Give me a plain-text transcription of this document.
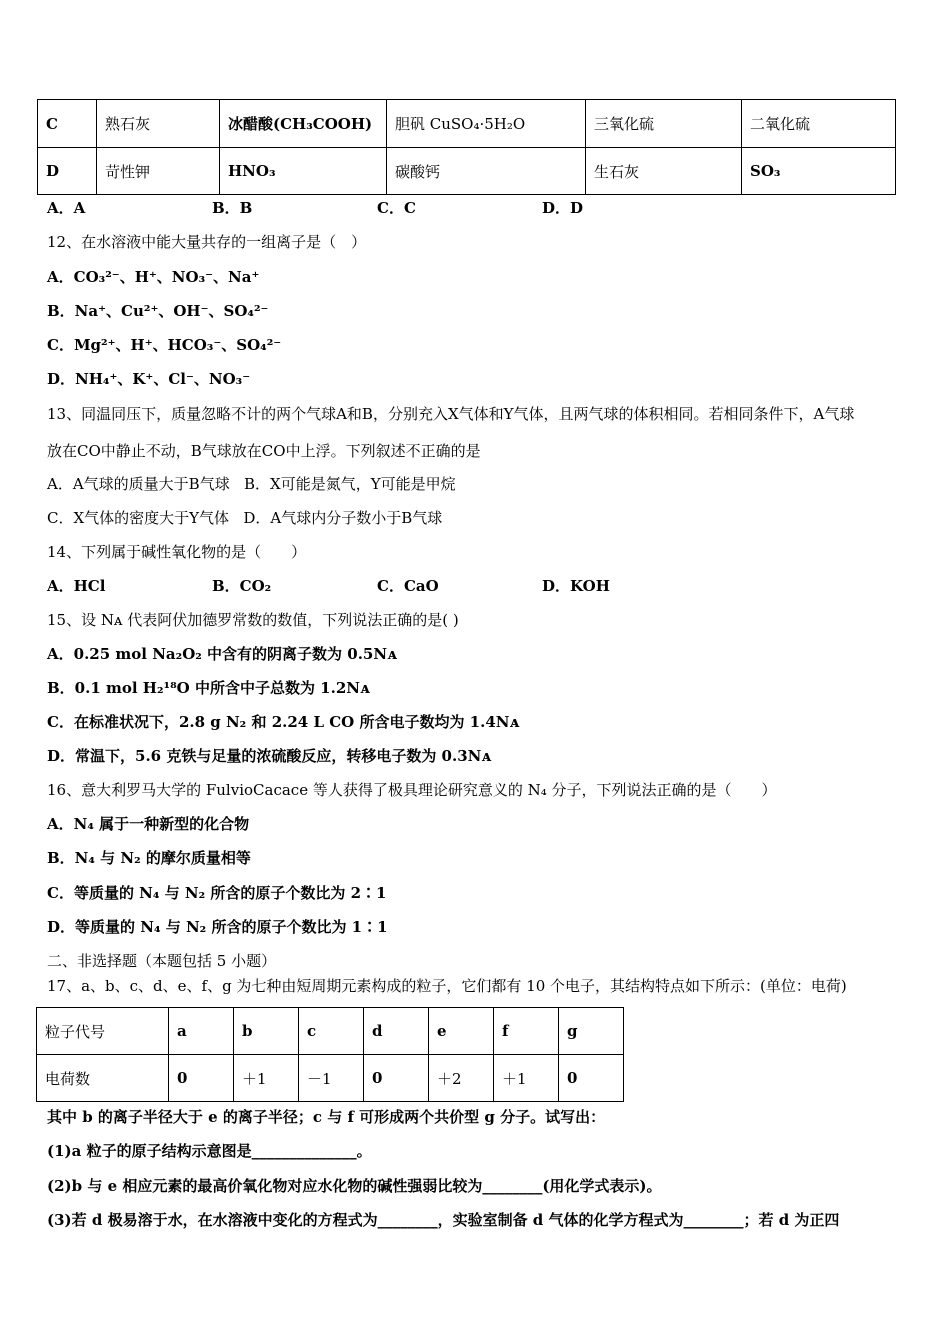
C	熟石灰	冰醋酸(CH₃COOH)	胆矾 CuSO₄·5H₂O	三氧化硫	二氧化硫
D	苛性钾	HNO₃	碳酸钙	生石灰	SO₃
A．A	B．B	C．C	D．D
12、在水溶液中能大量共存的一组离子是（　）
A．CO₃²⁻、H⁺、NO₃⁻、Na⁺
B．Na⁺、Cu²⁺、OH⁻、SO₄²⁻
C．Mg²⁺、H⁺、HCO₃⁻、SO₄²⁻
D．NH₄⁺、K⁺、Cl⁻、NO₃⁻
13、同温同压下，质量忽略不计的两个气球A和B，分别充入X气体和Y气体，且两气球的体积相同。若相同条件下，A气球
放在CO中静止不动，B气球放在CO中上浮。下列叙述不正确的是
A．A气球的质量大于B气球 B．X可能是氮气，Y可能是甲烷
C．X气体的密度大于Y气体 D．A气球内分子数小于B气球
14、下列属于碱性氧化物的是（　　）
A．HCl	B．CO₂	C．CaO	D．KOH
15、设 Nᴀ 代表阿伏加德罗常数的数值，下列说法正确的是( )
A．0.25 mol Na₂O₂ 中含有的阴离子数为 0.5Nᴀ
B．0.1 mol H₂¹⁸O 中所含中子总数为 1.2Nᴀ
C．在标准状况下，2.8 g N₂ 和 2.24 L CO 所含电子数均为 1.4Nᴀ
D．常温下，5.6 克铁与足量的浓硫酸反应，转移电子数为 0.3Nᴀ
16、意大利罗马大学的 FulvioCacace 等人获得了极具理论研究意义的 N₄ 分子，下列说法正确的是（　　）
A．N₄ 属于一种新型的化合物
B．N₄ 与 N₂ 的摩尔质量相等
C．等质量的 N₄ 与 N₂ 所含的原子个数比为 2∶1
D．等质量的 N₄ 与 N₂ 所含的原子个数比为 1∶1
二、非选择题（本题包括 5 小题）
17、a、b、c、d、e、f、g 为七种由短周期元素构成的粒子，它们都有 10 个电子，其结构特点如下所示：(单位：电荷)
粒子代号	a	b	c	d	e	f	g
电荷数	0	＋1	－1	0	＋2	＋1	0
其中 b 的离子半径大于 e 的离子半径；c 与 f 可形成两个共价型 g 分子。试写出：
(1)a 粒子的原子结构示意图是______________。
(2)b 与 e 相应元素的最高价氧化物对应水化物的碱性强弱比较为________(用化学式表示)。
(3)若 d 极易溶于水，在水溶液中变化的方程式为________，实验室制备 d 气体的化学方程式为________；若 d 为正四
